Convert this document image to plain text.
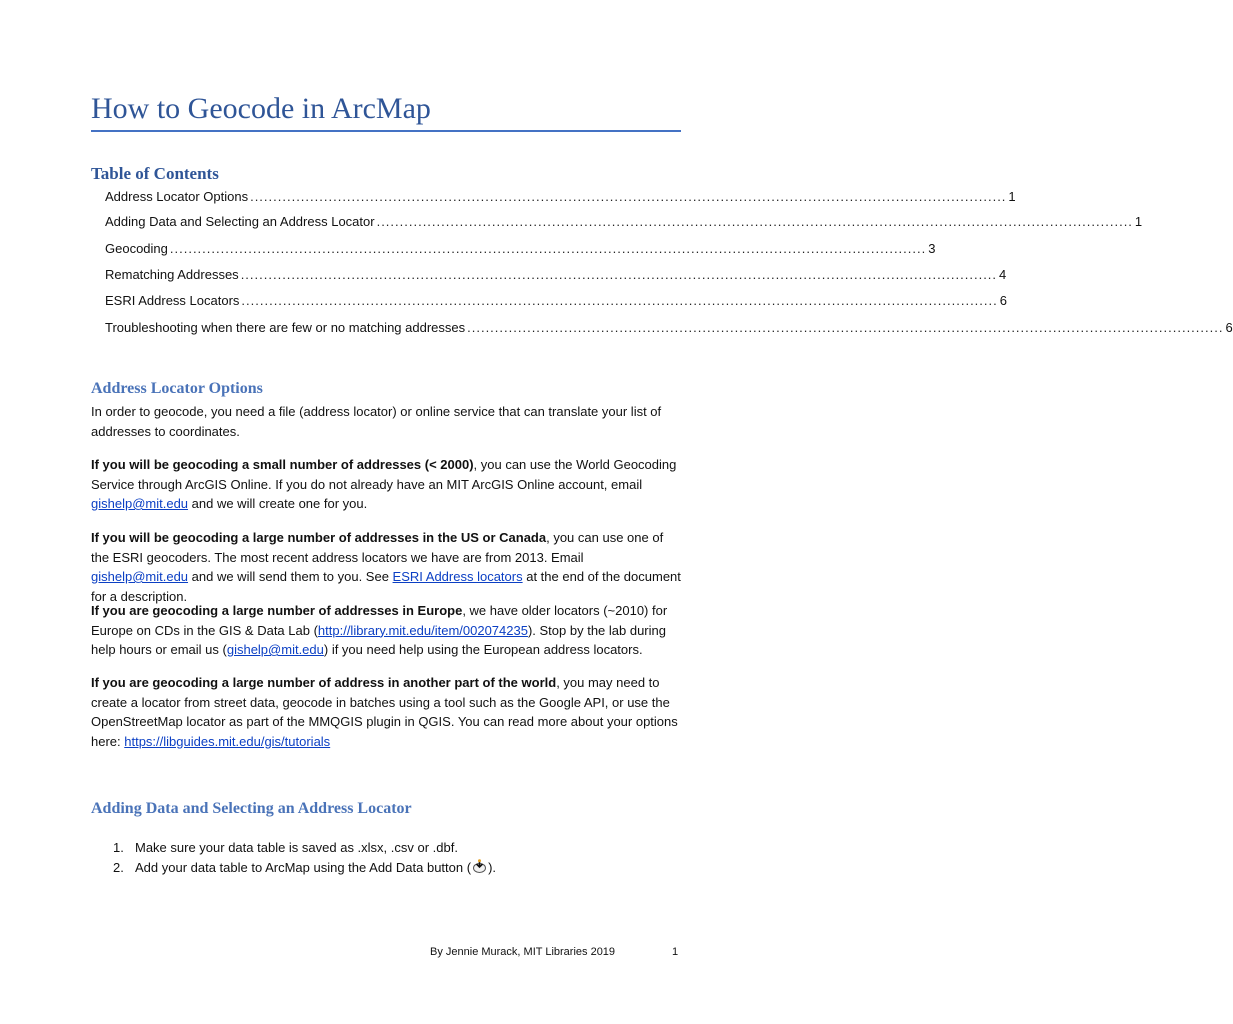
How to Geocode in ArcMap
Table of Contents
Address Locator Options .................................................................................................................................................................... 1
Adding Data and Selecting an Address Locator .................................................................................................................................................................... 1
Geocoding .................................................................................................................................................................... 3
Rematching Addresses .................................................................................................................................................................... 4
ESRI Address Locators .................................................................................................................................................................... 6
Troubleshooting when there are few or no matching addresses .................................................................................................................................................................... 6
Address Locator Options

In order to geocode, you need a file (address locator) or online service that can translate your list of addresses to coordinates.

If you will be geocoding a small number of addresses (< 2000), you can use the World Geocoding Service through ArcGIS Online. If you do not already have an MIT ArcGIS Online account, email gishelp@mit.edu and we will create one for you.

If you will be geocoding a large number of addresses in the US or Canada, you can use one of the ESRI geocoders. The most recent address locators we have are from 2013. Email gishelp@mit.edu and we will send them to you. See ESRI Address locators at the end of the document for a description.

If you are geocoding a large number of addresses in Europe, we have older locators (~2010) for Europe on CDs in the GIS & Data Lab (http://library.mit.edu/item/002074235). Stop by the lab during help hours or email us (gishelp@mit.edu) if you need help using the European address locators.

If you are geocoding a large number of address in another part of the world, you may need to create a locator from street data, geocode in batches using a tool such as the Google API, or use the OpenStreetMap locator as part of the MMQGIS plugin in QGIS. You can read more about your options here: https://libguides.mit.edu/gis/tutorials

Adding Data and Selecting an Address Locator
1. Make sure your data table is saved as .xlsx, .csv or .dbf.
2. Add your data table to ArcMap using the Add Data button ( ).
By Jennie Murack, MIT Libraries 2019	1
